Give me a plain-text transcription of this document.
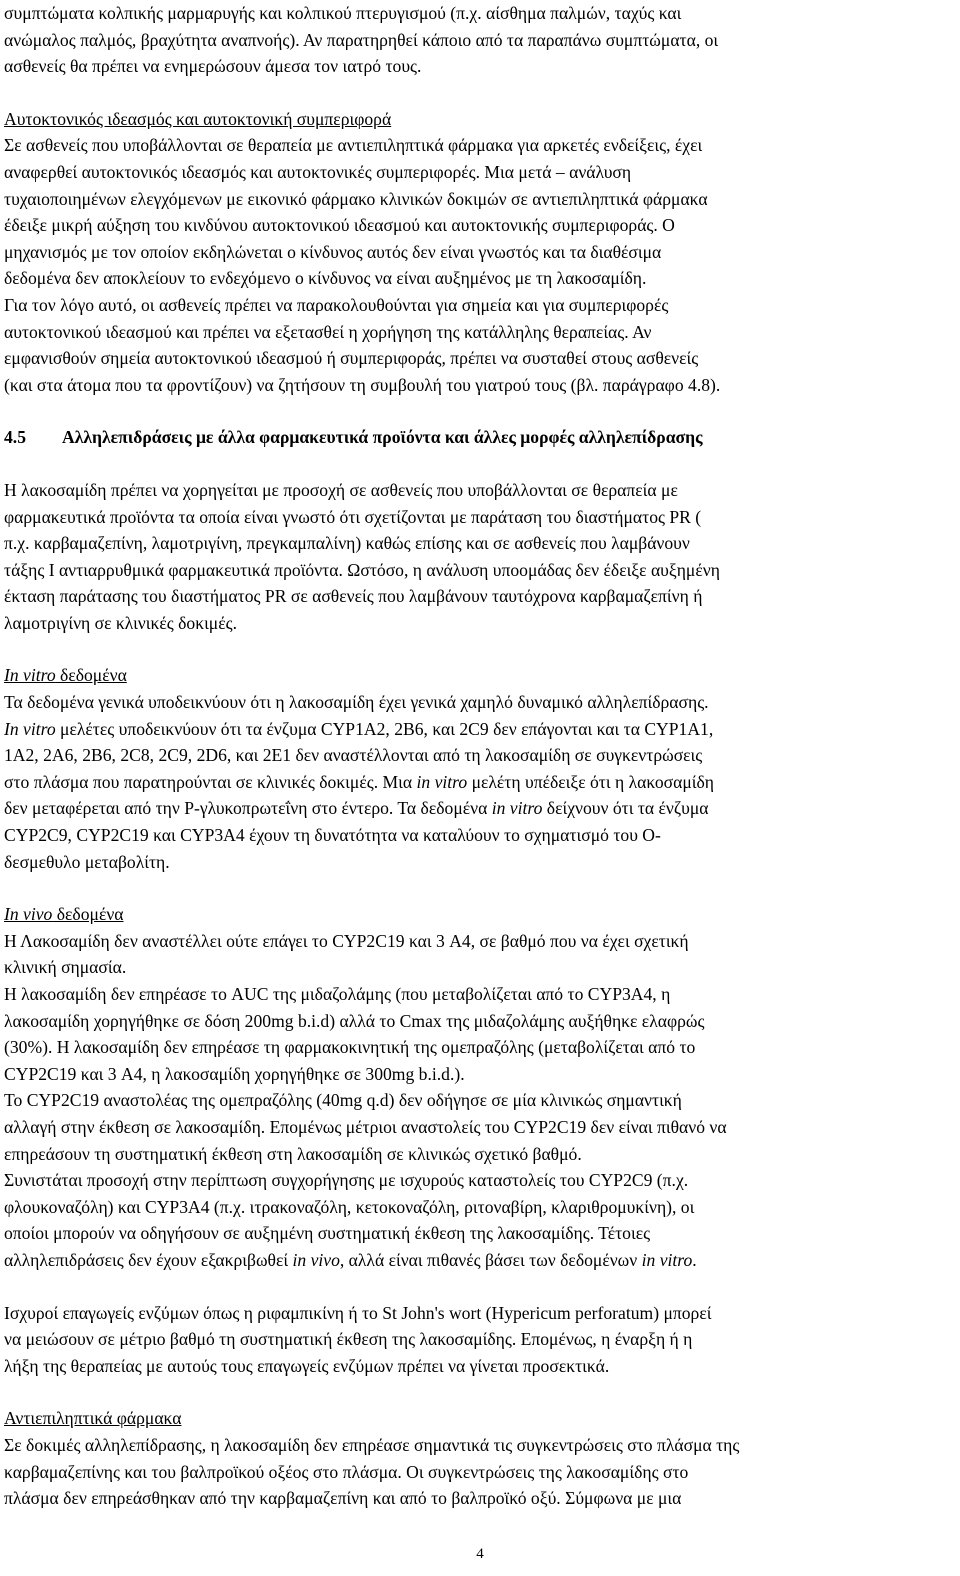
συμπτώματα κολπικής μαρμαρυγής και κολπικού πτερυγισμού (π.χ. αίσθημα παλμών, ταχύς και

ανώμαλος παλμός, βραχύτητα αναπνοής). Αν παρατηρηθεί κάποιο από τα παραπάνω συμπτώματα, οι

ασθενείς θα πρέπει να ενημερώσουν άμεσα τον ιατρό τους.

Αυτοκτονικός ιδεασμός και αυτοκτονική συμπεριφορά

Σε ασθενείς που υποβάλλονται σε θεραπεία με αντιεπιληπτικά φάρμακα για αρκετές ενδείξεις, έχει

αναφερθεί αυτοκτονικός ιδεασμός και αυτοκτονικές συμπεριφορές. Μια μετά – ανάλυση

τυχαιοποιημένων ελεγχόμενων με εικονικό φάρμακο κλινικών δοκιμών σε αντιεπιληπτικά φάρμακα

έδειξε μικρή αύξηση του κινδύνου αυτοκτονικού ιδεασμού και αυτοκτονικής συμπεριφοράς. Ο

μηχανισμός με τον οποίον εκδηλώνεται ο κίνδυνος αυτός δεν είναι γνωστός και τα διαθέσιμα

δεδομένα δεν αποκλείουν το ενδεχόμενο ο κίνδυνος να είναι αυξημένος με τη λακοσαμίδη.

Για τον λόγο αυτό, οι ασθενείς πρέπει να παρακολουθούνται για σημεία και για συμπεριφορές

αυτοκτονικού ιδεασμού και πρέπει να εξετασθεί η χορήγηση της κατάλληλης θεραπείας. Αν

εμφανισθούν σημεία αυτοκτονικού ιδεασμού ή συμπεριφοράς, πρέπει να συσταθεί στους ασθενείς

(και στα άτομα που τα φροντίζουν) να ζητήσουν τη συμβουλή του γιατρού τους (βλ. παράγραφο 4.8).

4.5 Αλληλεπιδράσεις με άλλα φαρμακευτικά προϊόντα και άλλες μορφές αλληλεπίδρασης

Η λακοσαμίδη πρέπει να χορηγείται με προσοχή σε ασθενείς που υποβάλλονται σε θεραπεία με

φαρμακευτικά προϊόντα τα οποία είναι γνωστό ότι σχετίζονται με παράταση του διαστήματος PR (

π.χ. καρβαμαζεπίνη, λαμοτριγίνη, πρεγκαμπαλίνη) καθώς επίσης και σε ασθενείς που λαμβάνουν

τάξης I αντιαρρυθμικά φαρμακευτικά προϊόντα. Ωστόσο, η ανάλυση υποομάδας δεν έδειξε αυξημένη

έκταση παράτασης του διαστήματος PR σε ασθενείς που λαμβάνουν ταυτόχρονα καρβαμαζεπίνη ή

λαμοτριγίνη σε κλινικές δοκιμές.

In vitro δεδομένα

Τα δεδομένα γενικά υποδεικνύουν ότι η λακοσαμίδη έχει γενικά χαμηλό δυναμικό αλληλεπίδρασης.

In vitro μελέτες υποδεικνύουν ότι τα ένζυμα CYP1A2, 2B6, και 2C9 δεν επάγονται και τα CYP1A1,

1A2, 2A6, 2B6, 2C8, 2C9, 2D6, και 2E1 δεν αναστέλλονται από τη λακοσαμίδη σε συγκεντρώσεις

στο πλάσμα που παρατηρούνται σε κλινικές δοκιμές. Μια in vitro μελέτη υπέδειξε ότι η λακοσαμίδη

δεν μεταφέρεται από την P-γλυκοπρωτεΐνη στο έντερο. Τα δεδομένα in vitro δείχνουν ότι τα ένζυμα

CYP2C9, CYP2C19 και CYP3A4 έχουν τη δυνατότητα να καταλύουν το σχηματισμό του O-

δεσμεθυλο μεταβολίτη.

In vivo δεδομένα

Η Λακοσαμίδη δεν αναστέλλει ούτε επάγει το CYP2C19 και 3 A4, σε βαθμό που να έχει σχετική

κλινική σημασία.

Η λακοσαμίδη δεν επηρέασε το AUC της μιδαζολάμης (που μεταβολίζεται από το CYP3A4, η

λακοσαμίδη χορηγήθηκε σε δόση 200mg b.i.d) αλλά το Cmax της μιδαζολάμης αυξήθηκε ελαφρώς

(30%). Η λακοσαμίδη δεν επηρέασε τη φαρμακοκινητική της ομεπραζόλης (μεταβολίζεται από το

CYP2C19 και 3 A4, η λακοσαμίδη χορηγήθηκε σε 300mg b.i.d.).

Το CYP2C19 αναστολέας της ομεπραζόλης (40mg q.d) δεν οδήγησε σε μία κλινικώς σημαντική

αλλαγή στην έκθεση σε λακοσαμίδη. Επομένως μέτριοι αναστολείς του CYP2C19 δεν είναι πιθανό να

επηρεάσουν τη συστηματική έκθεση στη λακοσαμίδη σε κλινικώς σχετικό βαθμό.

Συνιστάται προσοχή στην περίπτωση συγχορήγησης με ισχυρούς καταστολείς του CYP2C9 (π.χ.

φλουκοναζόλη) και CYP3A4 (π.χ. ιτρακοναζόλη, κετοκοναζόλη, ριτοναβίρη, κλαριθρομυκίνη), οι

οποίοι μπορούν να οδηγήσουν σε αυξημένη συστηματική έκθεση της λακοσαμίδης. Τέτοιες

αλληλεπιδράσεις δεν έχουν εξακριβωθεί in vivo, αλλά είναι πιθανές βάσει των δεδομένων in vitro.

Ισχυροί επαγωγείς ενζύμων όπως η ριφαμπικίνη ή το St John's wort (Hypericum perforatum) μπορεί

να μειώσουν σε μέτριο βαθμό τη συστηματική έκθεση της λακοσαμίδης. Επομένως, η έναρξη ή η

λήξη της θεραπείας με αυτούς τους επαγωγείς ενζύμων πρέπει να γίνεται προσεκτικά.

Αντιεπιληπτικά φάρμακα

Σε δοκιμές αλληλεπίδρασης, η λακοσαμίδη δεν επηρέασε σημαντικά τις συγκεντρώσεις στο πλάσμα της

καρβαμαζεπίνης και του βαλπροϊκού οξέος στο πλάσμα. Οι συγκεντρώσεις της λακοσαμίδης στο

πλάσμα δεν επηρεάσθηκαν από την καρβαμαζεπίνη και από το βαλπροϊκό οξύ. Σύμφωνα με μια

4
